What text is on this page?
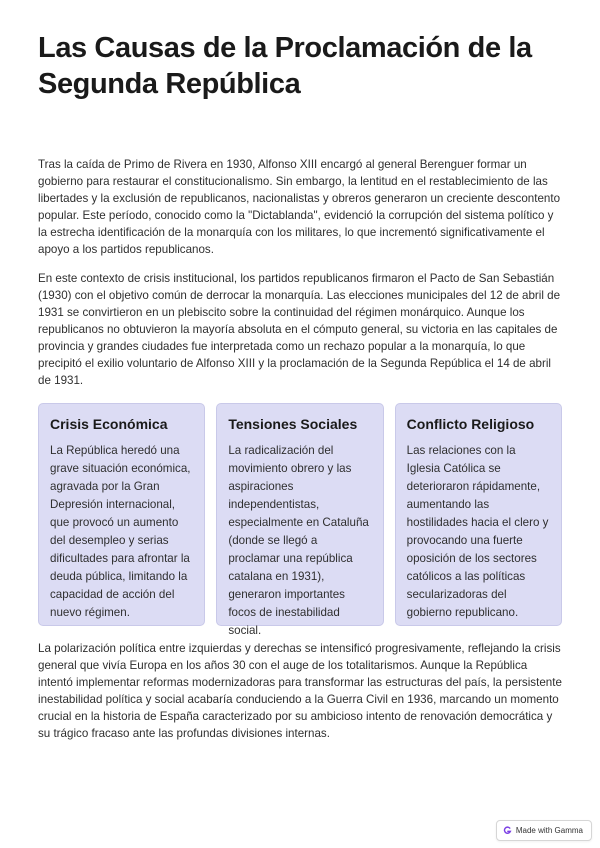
Las Causas de la Proclamación de la Segunda República

Tras la caída de Primo de Rivera en 1930, Alfonso XIII encargó al general Berenguer formar un gobierno para restaurar el constitucionalismo. Sin embargo, la lentitud en el restablecimiento de las libertades y la exclusión de republicanos, nacionalistas y obreros generaron un creciente descontento popular. Este período, conocido como la "Dictablanda", evidenció la corrupción del sistema político y la estrecha identificación de la monarquía con los militares, lo que incrementó significativamente el apoyo a los partidos republicanos.

En este contexto de crisis institucional, los partidos republicanos firmaron el Pacto de San Sebastián (1930) con el objetivo común de derrocar la monarquía. Las elecciones municipales del 12 de abril de 1931 se convirtieron en un plebiscito sobre la continuidad del régimen monárquico. Aunque los republicanos no obtuvieron la mayoría absoluta en el cómputo general, su victoria en las capitales de provincia y grandes ciudades fue interpretada como un rechazo popular a la monarquía, lo que precipitó el exilio voluntario de Alfonso XIII y la proclamación de la Segunda República el 14 de abril de 1931.

Crisis Económica

La República heredó una grave situación económica, agravada por la Gran Depresión internacional, que provocó un aumento del desempleo y serias dificultades para afrontar la deuda pública, limitando la capacidad de acción del nuevo régimen.

Tensiones Sociales

La radicalización del movimiento obrero y las aspiraciones independentistas, especialmente en Cataluña (donde se llegó a proclamar una república catalana en 1931), generaron importantes focos de inestabilidad social.

Conflicto Religioso

Las relaciones con la Iglesia Católica se deterioraron rápidamente, aumentando las hostilidades hacia el clero y provocando una fuerte oposición de los sectores católicos a las políticas secularizadoras del gobierno republicano.

La polarización política entre izquierdas y derechas se intensificó progresivamente, reflejando la crisis general que vivía Europa en los años 30 con el auge de los totalitarismos. Aunque la República intentó implementar reformas modernizadoras para transformar las estructuras del país, la persistente inestabilidad política y social acabaría conduciendo a la Guerra Civil en 1936, marcando un momento crucial en la historia de España caracterizado por su ambicioso intento de renovación democrática y su trágico fracaso ante las profundas divisiones internas.

Made with Gamma
